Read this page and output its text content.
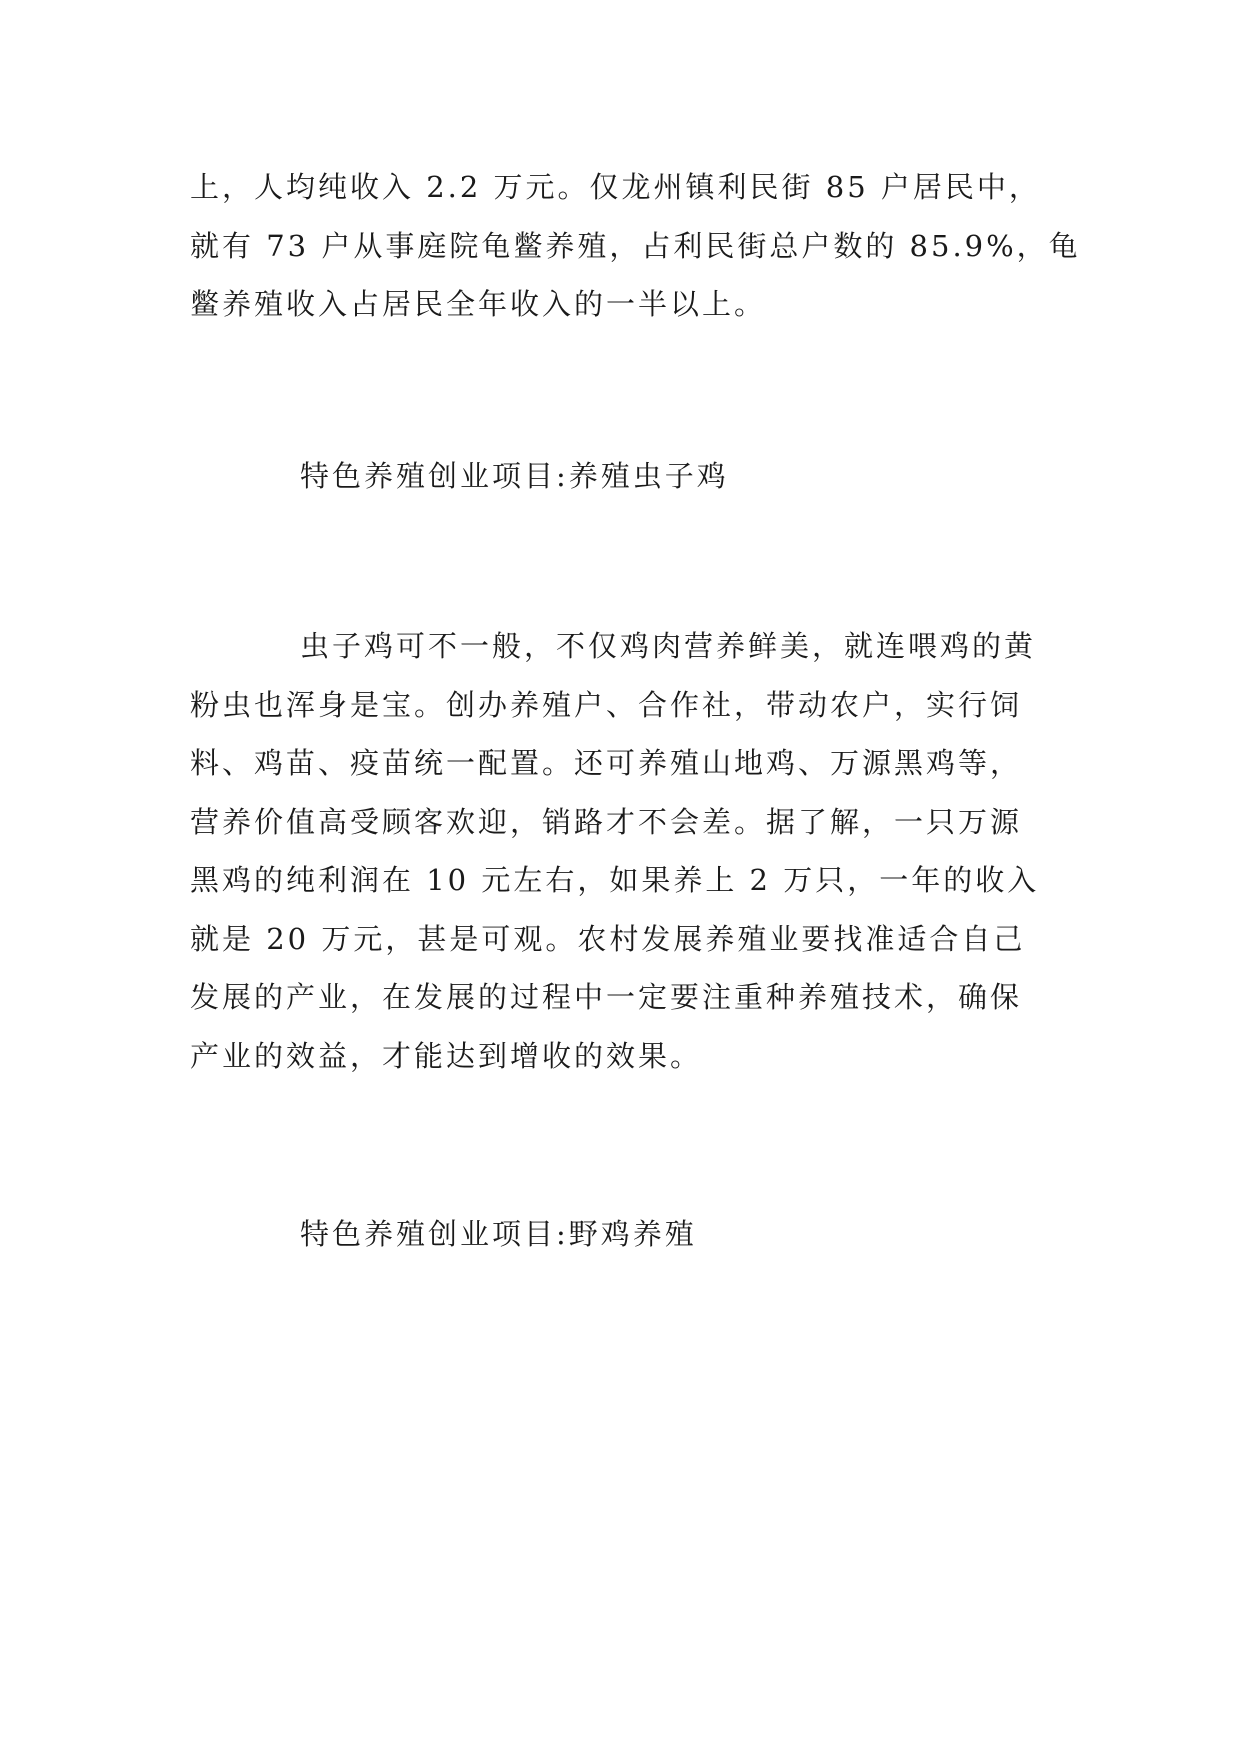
上，人均纯收入 2.2 万元。仅龙州镇利民街 85 户居民中，
就有 73 户从事庭院龟鳖养殖，占利民街总户数的 85.9%，龟
鳖养殖收入占居民全年收入的一半以上。

特色养殖创业项目:养殖虫子鸡

虫子鸡可不一般，不仅鸡肉营养鲜美，就连喂鸡的黄
粉虫也浑身是宝。创办养殖户、合作社，带动农户，实行饲
料、鸡苗、疫苗统一配置。还可养殖山地鸡、万源黑鸡等，
营养价值高受顾客欢迎，销路才不会差。据了解，一只万源
黑鸡的纯利润在 10 元左右，如果养上 2 万只，一年的收入
就是 20 万元，甚是可观。农村发展养殖业要找准适合自己
发展的产业，在发展的过程中一定要注重种养殖技术，确保
产业的效益，才能达到增收的效果。

特色养殖创业项目:野鸡养殖
